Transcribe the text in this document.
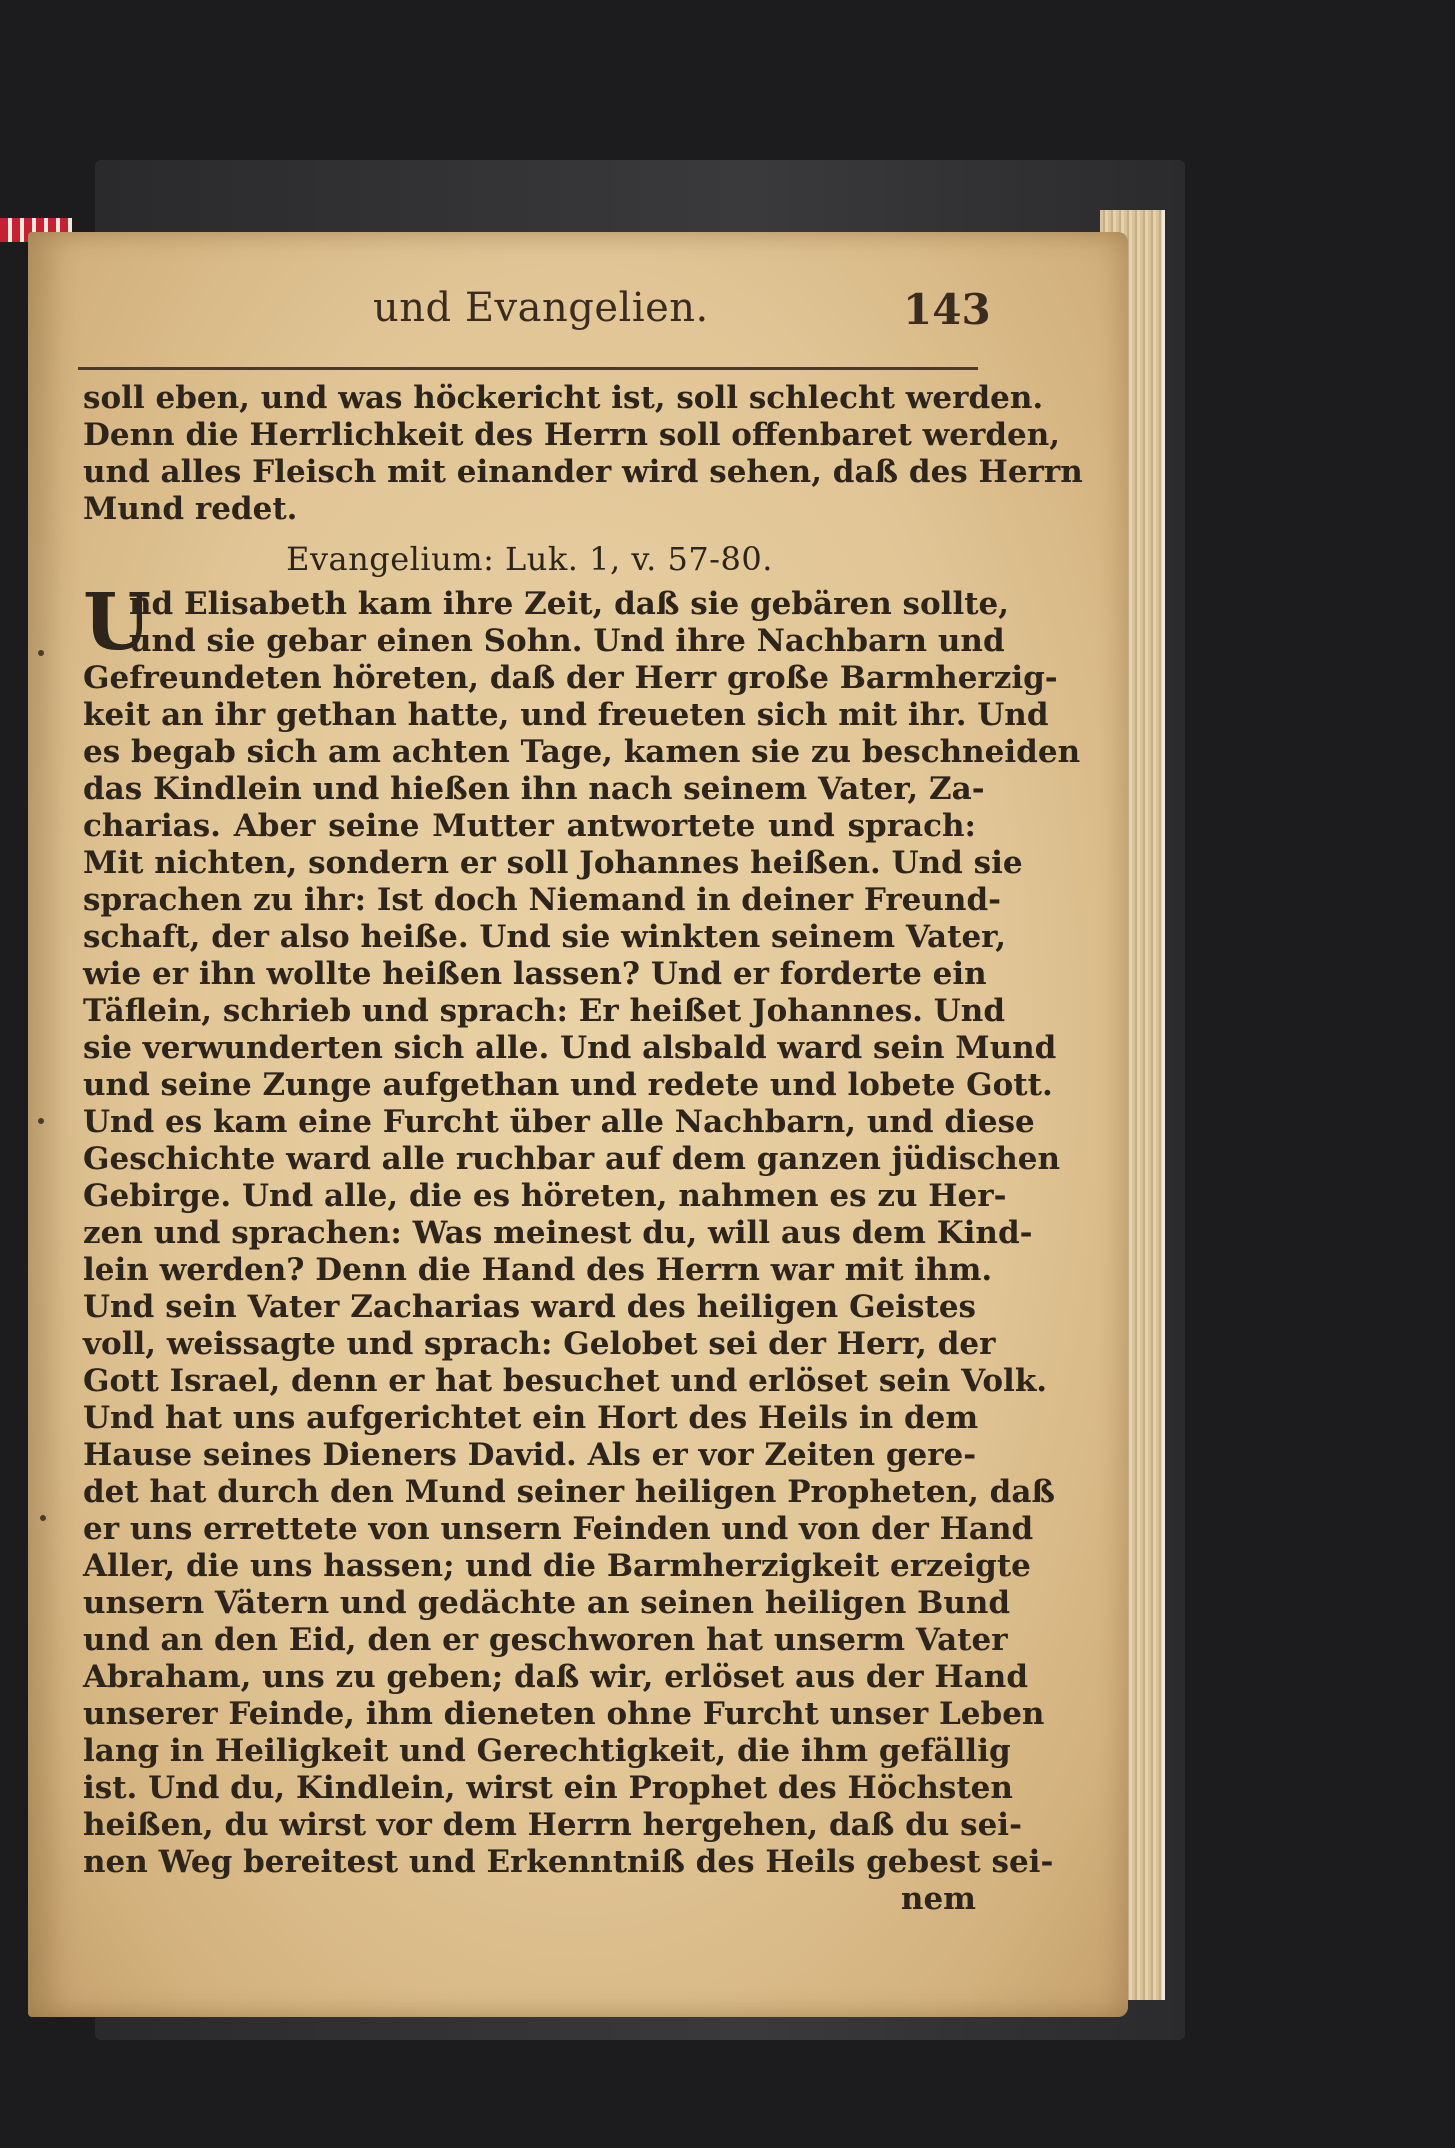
und Evangelien.	143
soll eben, und was höckericht ist, soll schlecht werden.
Denn die Herrlichkeit des Herrn soll offenbaret werden,
und alles Fleisch mit einander wird sehen, daß des Herrn
Mund redet.
Evangelium: Luk. 1, v. 57-80.
U
nd Elisabeth kam ihre Zeit, daß sie gebären sollte,
und sie gebar einen Sohn. Und ihre Nachbarn und
Gefreundeten höreten, daß der Herr große Barmherzig-
keit an ihr gethan hatte, und freueten sich mit ihr. Und
es begab sich am achten Tage, kamen sie zu beschneiden
das Kindlein und hießen ihn nach seinem Vater, Za-
charias. Aber seine Mutter antwortete und sprach:
Mit nichten, sondern er soll Johannes heißen. Und sie
sprachen zu ihr: Ist doch Niemand in deiner Freund-
schaft, der also heiße. Und sie winkten seinem Vater,
wie er ihn wollte heißen lassen? Und er forderte ein
Täflein, schrieb und sprach: Er heißet Johannes. Und
sie verwunderten sich alle. Und alsbald ward sein Mund
und seine Zunge aufgethan und redete und lobete Gott.
Und es kam eine Furcht über alle Nachbarn, und diese
Geschichte ward alle ruchbar auf dem ganzen jüdischen
Gebirge. Und alle, die es höreten, nahmen es zu Her-
zen und sprachen: Was meinest du, will aus dem Kind-
lein werden? Denn die Hand des Herrn war mit ihm.
Und sein Vater Zacharias ward des heiligen Geistes
voll, weissagte und sprach: Gelobet sei der Herr, der
Gott Israel, denn er hat besuchet und erlöset sein Volk.
Und hat uns aufgerichtet ein Hort des Heils in dem
Hause seines Dieners David. Als er vor Zeiten gere-
det hat durch den Mund seiner heiligen Propheten, daß
er uns errettete von unsern Feinden und von der Hand
Aller, die uns hassen; und die Barmherzigkeit erzeigte
unsern Vätern und gedächte an seinen heiligen Bund
und an den Eid, den er geschworen hat unserm Vater
Abraham, uns zu geben; daß wir, erlöset aus der Hand
unserer Feinde, ihm dieneten ohne Furcht unser Leben
lang in Heiligkeit und Gerechtigkeit, die ihm gefällig
ist. Und du, Kindlein, wirst ein Prophet des Höchsten
heißen, du wirst vor dem Herrn hergehen, daß du sei-
nen Weg bereitest und Erkenntniß des Heils gebest sei-
nem
